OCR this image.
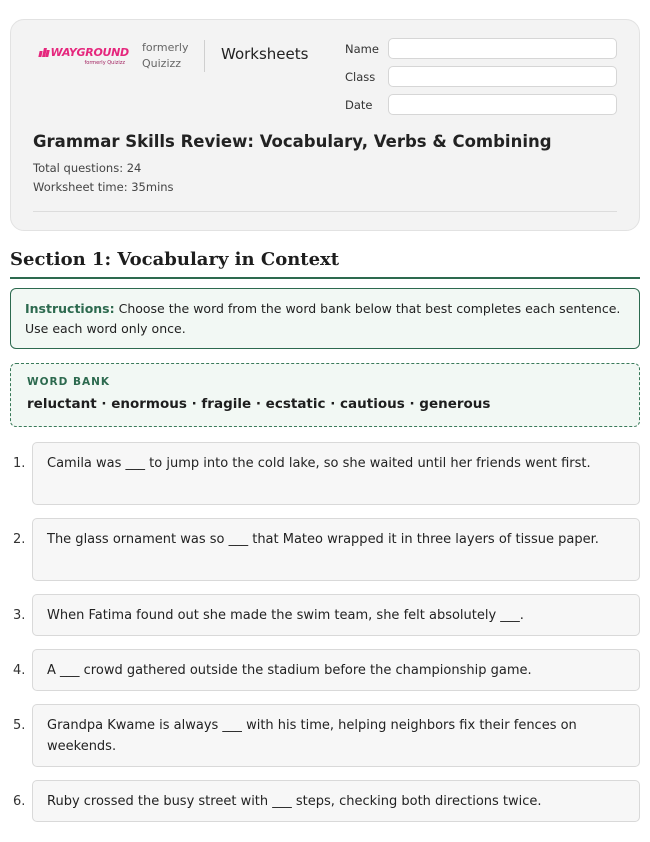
WAYGROUND
formerly Quizizz
formerly
Quizizz
Worksheets	Name
Class
Date
Grammar Skills Review: Vocabulary, Verbs & Combining
Total questions: 24
Worksheet time: 35mins
Section 1: Vocabulary in Context
Instructions: Choose the word from the word bank below that best completes each sentence. Use each word only once.
WORD BANK
reluctant · enormous · fragile · ecstatic · cautious · generous
1.	Camila was ___ to jump into the cold lake, so she waited until her friends went first.
2.	The glass ornament was so ___ that Mateo wrapped it in three layers of tissue paper.
3.	When Fatima found out she made the swim team, she felt absolutely ___.
4.	A ___ crowd gathered outside the stadium before the championship game.
5.	Grandpa Kwame is always ___ with his time, helping neighbors fix their fences on weekends.
6.	Ruby crossed the busy street with ___ steps, checking both directions twice.
